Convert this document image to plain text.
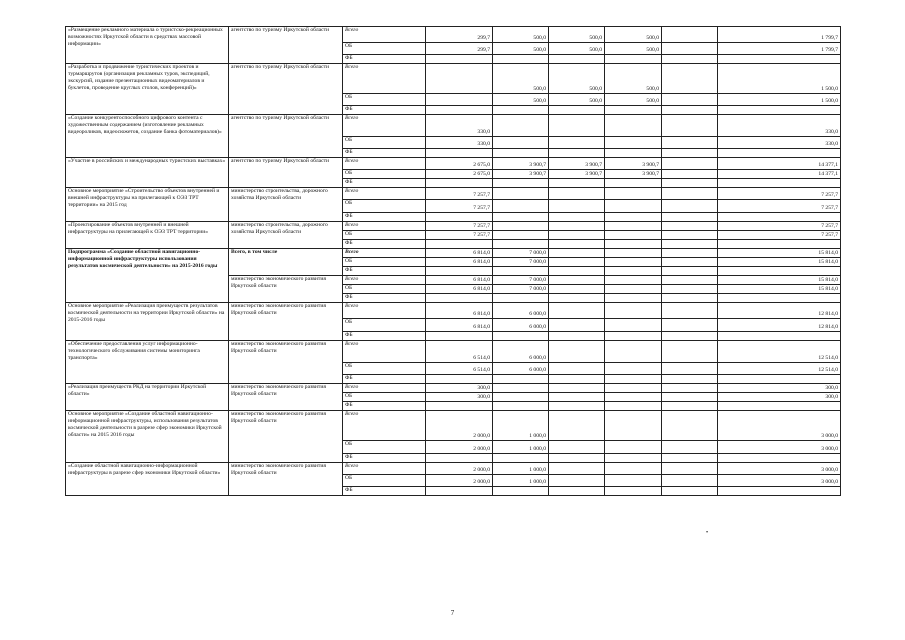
«Размещение рекламного материала о туристско-рекреационных возможностях Иркутской области в средствах массовой информации»	агентство по туризму Иркутской области	Всего	299,7	500,0	500,0	500,0		1 799,7
		ОБ	299,7	500,0	500,0	500,0		1 799,7
		ФБ						
«Разработка и продвижение туристических проектов и турмаршрутов (организация рекламных туров, экспедиций, экскурсий, издание презентационных видеоматериалов и буклетов, проведение круглых столов, конференций)»	агентство по туризму Иркутской области	Всего		500,0	500,0	500,0		1 500,0
		ОБ		500,0	500,0	500,0		1 500,0
		ФБ						
«Создание конкурентоспособного цифрового контента с художественным содержанием (изготовление рекламных видеороликов, видеосюжетов, создание банка фотоматериалов)»	агентство по туризму Иркутской области	Всего	330,0					330,0
		ОБ	330,0					330,0
		ФБ						
«Участие в российских и международных туристских выставках»	агентство по туризму Иркутской области	Всего	2 675,0	3 900,7	3 900,7	3 900,7		14 377,1
		ОБ	2 675,0	3 900,7	3 900,7	3 900,7		14 377,1
		ФБ						
Основное мероприятие «Строительство объектов внутренней и внешней инфраструктуры на прилегающей к ОЭЗ ТРТ территории» на 2015 год	министерство строительства, дорожного хозяйства Иркутской области	Всего	7 257,7					7 257,7
		ОБ	7 257,7					7 257,7
		ФБ						
«Проектирование объектов внутренней и внешней инфраструктуры на прилегающей к ОЭЗ ТРТ территории»	министерство строительства, дорожного хозяйства Иркутской области	Всего	7 257,7					7 257,7
		ОБ	7 257,7					7 257,7
		ФБ						
Подпрограмма «Создание областной навигационно-информационной инфраструктуры использования результатов космической деятельности» на 2015-2016 годы	Всего, в том числе	Всего	6 814,0	7 000,0				15 814,0
		ОБ	6 814,0	7 000,0				15 814,0
		ФБ						
	министерство экономического развития Иркутской области	Всего	6 814,0	7 000,0				15 814,0
		ОБ	6 814,0	7 000,0				15 814,0
		ФБ						
Основное мероприятие «Реализация преимуществ результатов космической деятельности на территории Иркутской области» на 2015-2016 годы	министерство экономического развития Иркутской области	Всего	6 814,0	6 000,0				12 814,0
		ОБ	6 814,0	6 000,0				12 814,0
		ФБ						
«Обеспечение предоставления услуг информационно-технологического обслуживания системы мониторинга транспорта»	министерство экономического развития Иркутской области	Всего	6 514,0	6 000,0				12 514,0
		ОБ	6 514,0	6 000,0				12 514,0
		ФБ						
«Реализация преимуществ РКД на территории Иркутской области»	министерство экономического развития Иркутской области	Всего	300,0					300,0
		ОБ	300,0					300,0
		ФБ						
Основное мероприятие «Создание областной навигационно-информационной инфраструктуры, использования результатов космической деятельности в разрезе сфер экономики Иркутской области» на 2015 2016 годы	министерство экономического развития Иркутской области	Всего	2 000,0	1 000,0				3 000,0
		ОБ	2 000,0	1 000,0				3 000,0
		ФБ						
«Создание областной навигационно-информационной инфраструктуры в разрезе сфер экономики Иркутской области»	министерство экономического развития Иркутской области	Всего	2 000,0	1 000,0				3 000,0
		ОБ	2 000,0	1 000,0				3 000,0
		ФБ						
•
7
